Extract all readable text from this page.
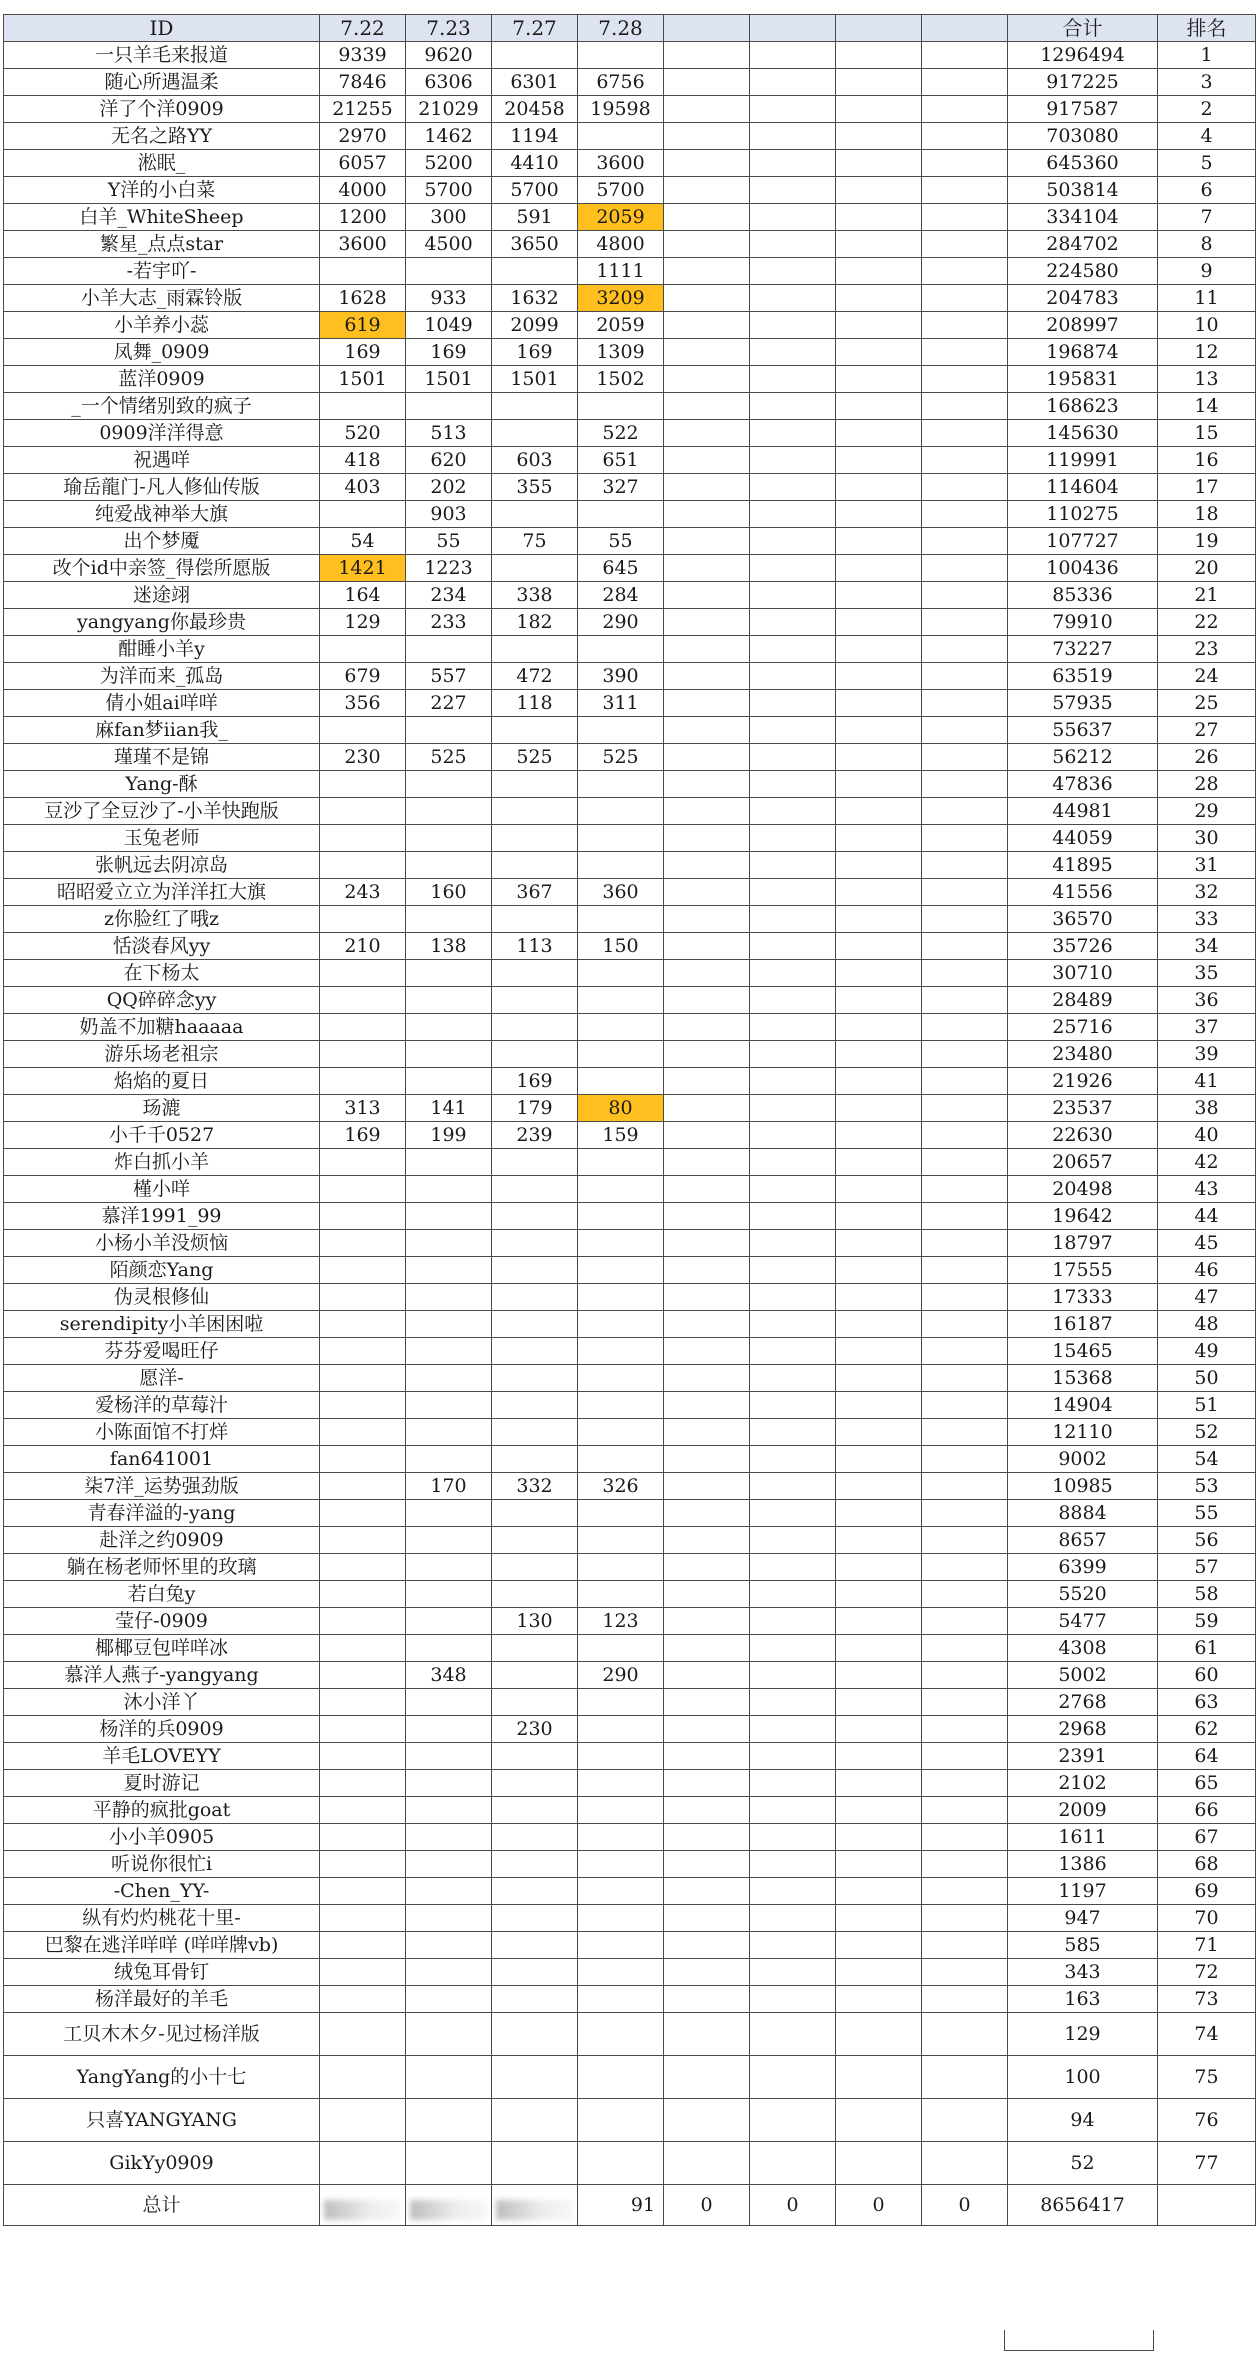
ID	7.22	7.23	7.27	7.28					合计	排名
一只羊毛来报道	9339	9620							1296494	1
随心所遇温柔	7846	6306	6301	6756					917225	3
洋了个洋0909	21255	21029	20458	19598					917587	2
无名之路YY	2970	1462	1194						703080	4
淞眠_	6057	5200	4410	3600					645360	5
Y洋的小白菜	4000	5700	5700	5700					503814	6
白羊_WhiteSheep	1200	300	591	2059					334104	7
繁星_点点star	3600	4500	3650	4800					284702	8
-若宇吖-				1111					224580	9
小羊大志_雨霖铃版	1628	933	1632	3209					204783	11
小羊养小蕊	619	1049	2099	2059					208997	10
凤舞_0909	169	169	169	1309					196874	12
蓝洋0909	1501	1501	1501	1502					195831	13
_一个情绪别致的疯子									168623	14
0909洋洋得意	520	513		522					145630	15
祝遇咩	418	620	603	651					119991	16
瑜岳龍门-凡人修仙传版	403	202	355	327					114604	17
纯爱战神举大旗		903							110275	18
出个梦魇	54	55	75	55					107727	19
改个id中亲签_得偿所愿版	1421	1223		645					100436	20
迷途翊	164	234	338	284					85336	21
yangyang你最珍贵	129	233	182	290					79910	22
酣睡小羊y									73227	23
为洋而来_孤岛	679	557	472	390					63519	24
倩小姐ai咩咩	356	227	118	311					57935	25
麻fan梦iian我_									55637	27
瑾瑾不是锦	230	525	525	525					56212	26
Yang-酥									47836	28
豆沙了全豆沙了-小羊快跑版									44981	29
玉兔老师									44059	30
张帆远去阴凉岛									41895	31
昭昭爱立立为洋洋扛大旗	243	160	367	360					41556	32
z你脸红了哦z									36570	33
恬淡春风yy	210	138	113	150					35726	34
在下杨太									30710	35
QQ碎碎念yy									28489	36
奶盖不加糖haaaaa									25716	37
游乐场老祖宗									23480	39
焰焰的夏日			169						21926	41
玚漉	313	141	179	80					23537	38
小千千0527	169	199	239	159					22630	40
炸白抓小羊									20657	42
槿小咩									20498	43
慕洋1991_99									19642	44
小杨小羊没烦恼									18797	45
陌颜恋Yang									17555	46
伪灵根修仙									17333	47
serendipity小羊困困啦									16187	48
芬芬爱喝旺仔									15465	49
愿洋-									15368	50
爱杨洋的草莓汁									14904	51
小陈面馆不打烊									12110	52
fan641001									9002	54
柒7洋_运势强劲版		170	332	326					10985	53
青春洋溢的-yang									8884	55
赴洋之约0909									8657	56
躺在杨老师怀里的玫璃									6399	57
若白兔y									5520	58
莹仔-0909			130	123					5477	59
椰椰豆包咩咩冰									4308	61
慕洋人燕子-yangyang		348		290					5002	60
沐小洋丫									2768	63
杨洋的兵0909			230						2968	62
羊毛LOVEYY									2391	64
夏时游记									2102	65
平静的疯批goat									2009	66
小小羊0905									1611	67
听说你很忙i									1386	68
-Chen_YY-									1197	69
纵有灼灼桃花十里-									947	70
巴黎在逃洋咩咩 (咩咩牌vb)									585	71
绒兔耳骨钉									343	72
杨洋最好的羊毛									163	73
工贝木木夕-见过杨洋版									129	74
YangYang的小十七									100	75
只喜YANGYANG									94	76
GikYy0909									52	77
总计				91	0	0	0	0	8656417	
